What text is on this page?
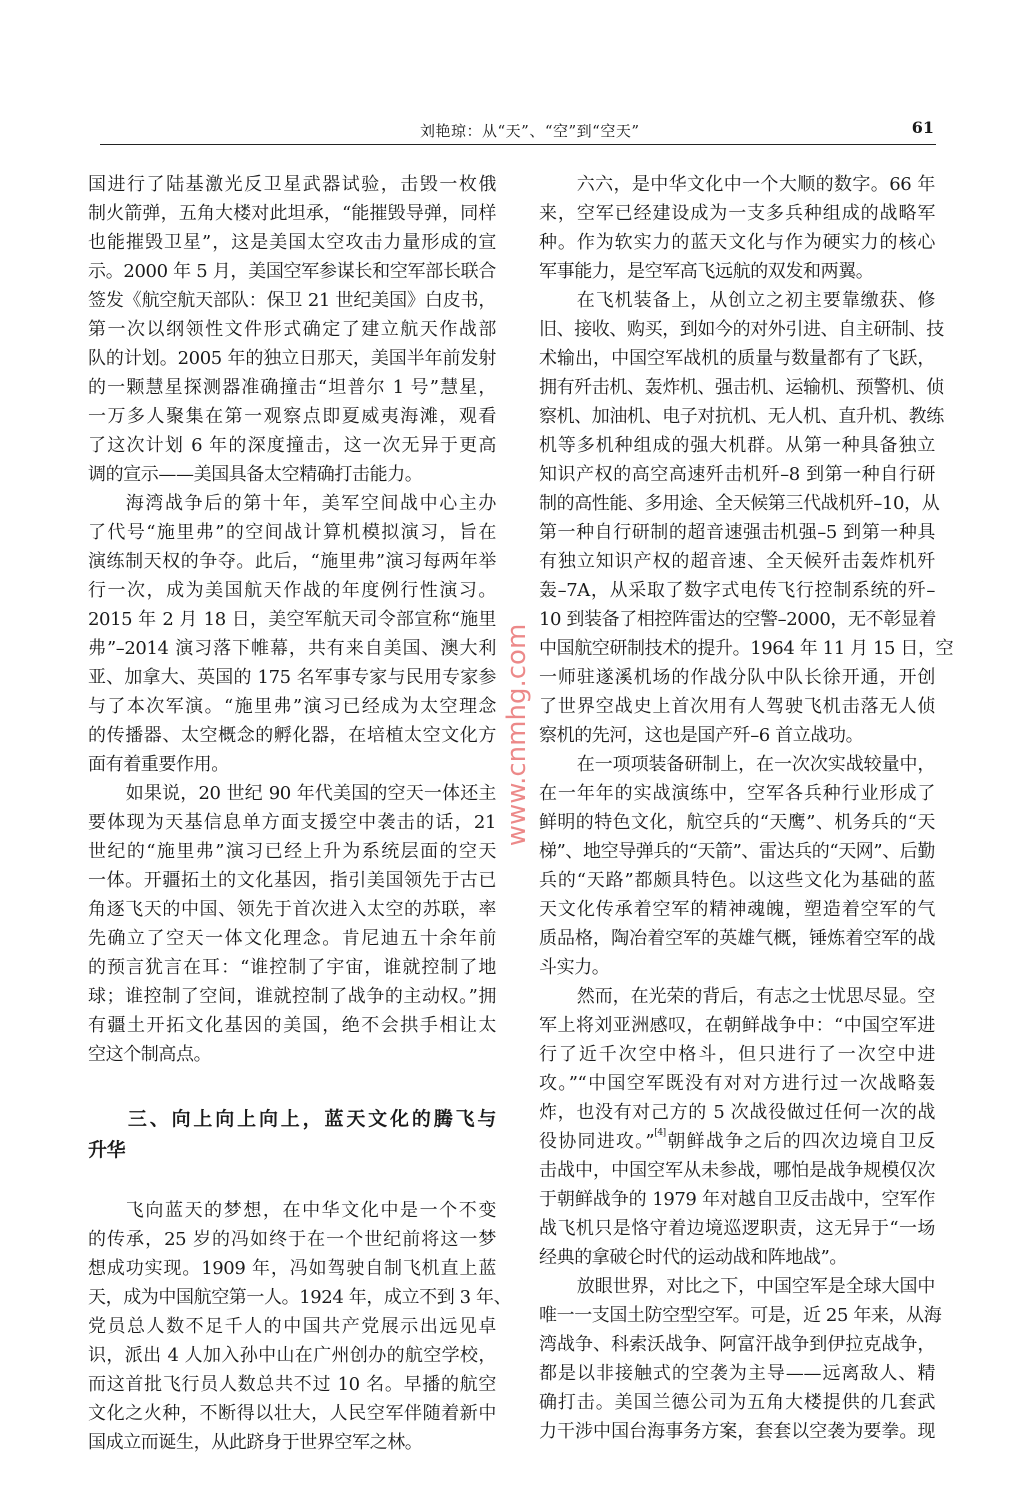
刘艳琼：从“天”、“空”到“空天”	61
国进行了陆基激光反卫星武器试验，击毁一枚俄
制火箭弹，五角大楼对此坦承，“能摧毁导弹，同样
也能摧毁卫星”，这是美国太空攻击力量形成的宣
示。2000 年 5 月，美国空军参谋长和空军部长联合
签发《航空航天部队：保卫 21 世纪美国》白皮书，
第一次以纲领性文件形式确定了建立航天作战部
队的计划。2005 年的独立日那天，美国半年前发射
的一颗慧星探测器准确撞击“坦普尔 1 号”慧星，
一万多人聚集在第一观察点即夏威夷海滩，观看
了这次计划 6 年的深度撞击，这一次无异于更高
调的宣示——美国具备太空精确打击能力。
海湾战争后的第十年，美军空间战中心主办
了代号“施里弗”的空间战计算机模拟演习，旨在
演练制天权的争夺。此后，“施里弗”演习每两年举
行一次，成为美国航天作战的年度例行性演习。
2015 年 2 月 18 日，美空军航天司令部宣称“施里
弗”–2014 演习落下帷幕，共有来自美国、澳大利
亚、加拿大、英国的 175 名军事专家与民用专家参
与了本次军演。“施里弗”演习已经成为太空理念
的传播器、太空概念的孵化器，在培植太空文化方
面有着重要作用。
如果说，20 世纪 90 年代美国的空天一体还主
要体现为天基信息单方面支援空中袭击的话，21
世纪的“施里弗”演习已经上升为系统层面的空天
一体。开疆拓土的文化基因，指引美国领先于古已
角逐飞天的中国、领先于首次进入太空的苏联，率
先确立了空天一体文化理念。肯尼迪五十余年前
的预言犹言在耳：“谁控制了宇宙，谁就控制了地
球；谁控制了空间，谁就控制了战争的主动权。”拥
有疆土开拓文化基因的美国，绝不会拱手相让太
空这个制高点。
三、向上向上向上，蓝天文化的腾飞与
升华
飞向蓝天的梦想，在中华文化中是一个不变
的传承，25 岁的冯如终于在一个世纪前将这一梦
想成功实现。1909 年，冯如驾驶自制飞机直上蓝
天，成为中国航空第一人。1924 年，成立不到 3 年、
党员总人数不足千人的中国共产党展示出远见卓
识，派出 4 人加入孙中山在广州创办的航空学校，
而这首批飞行员人数总共不过 10 名。早播的航空
文化之火种，不断得以壮大，人民空军伴随着新中
国成立而诞生，从此跻身于世界空军之林。
六六，是中华文化中一个大顺的数字。66 年
来，空军已经建设成为一支多兵种组成的战略军
种。作为软实力的蓝天文化与作为硬实力的核心
军事能力，是空军高飞远航的双发和两翼。
在飞机装备上，从创立之初主要靠缴获、修
旧、接收、购买，到如今的对外引进、自主研制、技
术输出，中国空军战机的质量与数量都有了飞跃，
拥有歼击机、轰炸机、强击机、运输机、预警机、侦
察机、加油机、电子对抗机、无人机、直升机、教练
机等多机种组成的强大机群。从第一种具备独立
知识产权的高空高速歼击机歼–8 到第一种自行研
制的高性能、多用途、全天候第三代战机歼–10，从
第一种自行研制的超音速强击机强–5 到第一种具
有独立知识产权的超音速、全天候歼击轰炸机歼
轰–7A，从采取了数字式电传飞行控制系统的歼–
10 到装备了相控阵雷达的空警–2000，无不彰显着
中国航空研制技术的提升。1964 年 11 月 15 日，空
一师驻遂溪机场的作战分队中队长徐开通，开创
了世界空战史上首次用有人驾驶飞机击落无人侦
察机的先河，这也是国产歼–6 首立战功。
在一项项装备研制上，在一次次实战较量中，
在一年年的实战演练中，空军各兵种行业形成了
鲜明的特色文化，航空兵的“天鹰”、机务兵的“天
梯”、地空导弹兵的“天箭”、雷达兵的“天网”、后勤
兵的“天路”都颇具特色。以这些文化为基础的蓝
天文化传承着空军的精神魂魄，塑造着空军的气
质品格，陶冶着空军的英雄气概，锤炼着空军的战
斗实力。
然而，在光荣的背后，有志之士忧思尽显。空
军上将刘亚洲感叹，在朝鲜战争中：“中国空军进
行了近千次空中格斗，但只进行了一次空中进
攻。”“中国空军既没有对对方进行过一次战略轰
炸，也没有对己方的 5 次战役做过任何一次的战
役协同进攻。”[4]朝鲜战争之后的四次边境自卫反
击战中，中国空军从未参战，哪怕是战争规模仅次
于朝鲜战争的 1979 年对越自卫反击战中，空军作
战飞机只是恪守着边境巡逻职责，这无异于“一场
经典的拿破仑时代的运动战和阵地战”。
放眼世界，对比之下，中国空军是全球大国中
唯一一支国土防空型空军。可是，近 25 年来，从海
湾战争、科索沃战争、阿富汗战争到伊拉克战争，
都是以非接触式的空袭为主导——远离敌人、精
确打击。美国兰德公司为五角大楼提供的几套武
力干涉中国台海事务方案，套套以空袭为要拳。现
www.cnmhg.com
